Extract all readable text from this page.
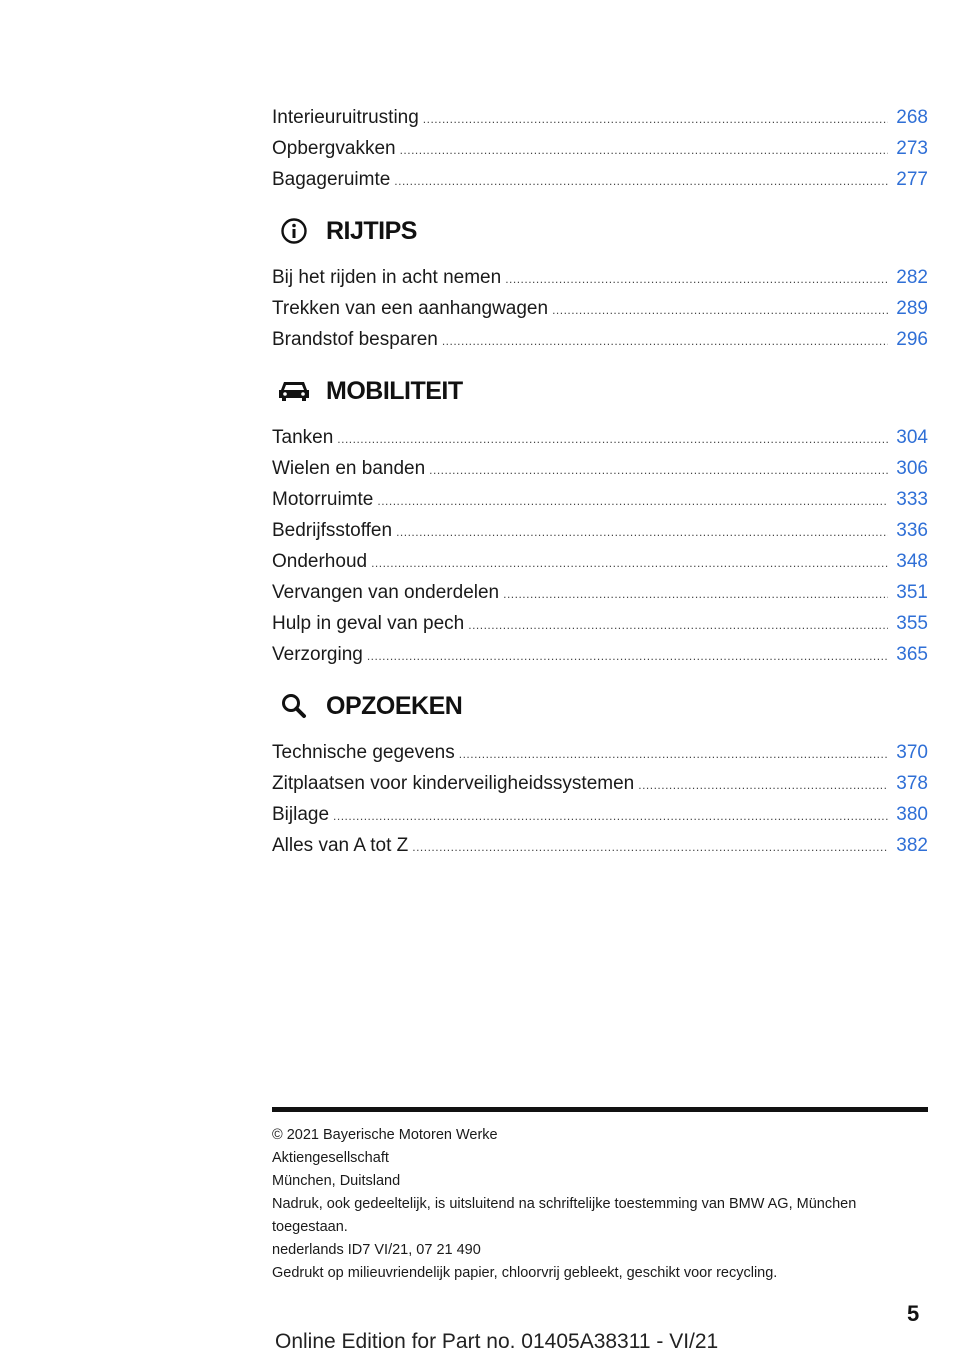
Interieuruitrusting .....	268
Opbergvakken .....	273
Bagageruimte .....	277
RIJTIPS
Bij het rijden in acht nemen .....	282
Trekken van een aanhangwagen .....	289
Brandstof besparen .....	296
MOBILITEIT
Tanken .....	304
Wielen en banden .....	306
Motorruimte .....	333
Bedrijfsstoffen .....	336
Onderhoud .....	348
Vervangen van onderdelen .....	351
Hulp in geval van pech .....	355
Verzorging .....	365
OPZOEKEN
Technische gegevens .....	370
Zitplaatsen voor kinderveiligheidssystemen .....	378
Bijlage .....	380
Alles van A tot Z .....	382
© 2021 Bayerische Motoren Werke
Aktiengesellschaft
München, Duitsland
Nadruk, ook gedeeltelijk, is uitsluitend na schriftelijke toestemming van BMW AG, München toegestaan.
nederlands ID7 VI/21, 07 21 490
Gedrukt op milieuvriendelijk papier, chloorvrij gebleekt, geschikt voor recycling.
5
Online Edition for Part no. 01405A38311 - VI/21
